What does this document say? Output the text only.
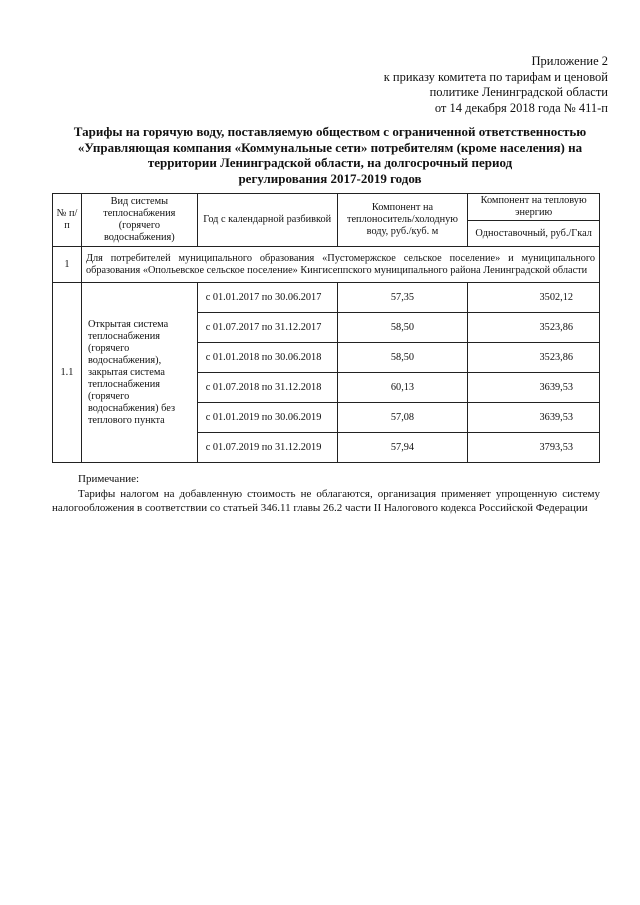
Приложение 2
к приказу комитета по тарифам и ценовой
политике Ленинградской области
от 14 декабря 2018 года № 411-п
Тарифы на горячую воду, поставляемую обществом с ограниченной ответственностью
«Управляющая компания «Коммунальные сети» потребителям (кроме населения) на
территории Ленинградской области, на долгосрочный период
регулирования 2017-2019 годов
№ п/п	Вид системы теплоснабжения (горячего водоснабжения)	Год с календарной разбивкой	Компонент на теплоноситель/холодную воду, руб./куб. м	Компонент на тепловую энергию
				Одноставочный, руб./Гкал
1	Для потребителей муниципального образования «Пустомержское сельское поселение» и муниципального образования «Опольевское сельское поселение» Кингисеппского муниципального района Ленинградской области			
1.1	Открытая система теплоснабжения (горячего водоснабжения), закрытая система теплоснабжения (горячего водоснабжения) без теплового пункта	с 01.01.2017 по 30.06.2017	57,35	3502,12
		с 01.07.2017 по 31.12.2017	58,50	3523,86
		с 01.01.2018 по 30.06.2018	58,50	3523,86
		с 01.07.2018 по 31.12.2018	60,13	3639,53
		с 01.01.2019 по 30.06.2019	57,08	3639,53
		с 01.07.2019 по 31.12.2019	57,94	3793,53
Примечание:
Тарифы налогом на добавленную стоимость не облагаются, организация применяет упрощенную систему налогообложения в соответствии со статьей 346.11 главы 26.2 части II Налогового кодекса Российской Федерации
